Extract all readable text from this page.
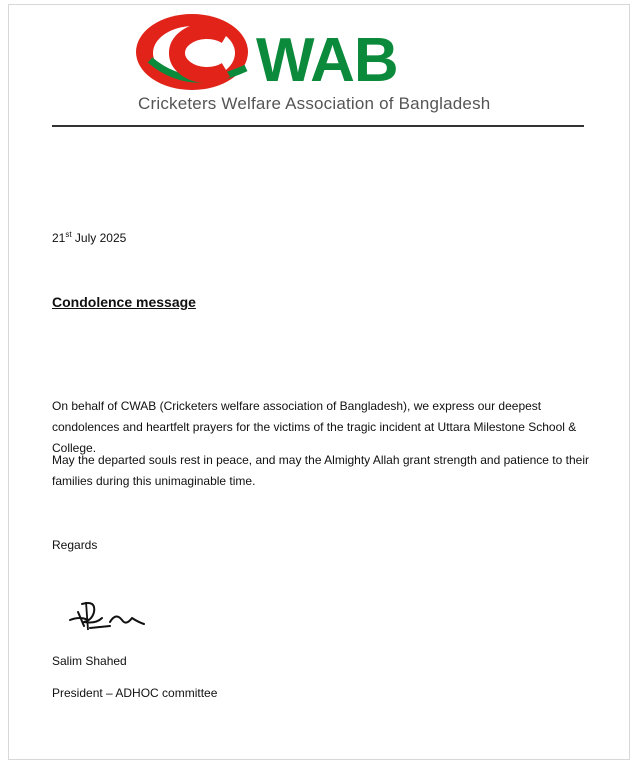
WAB
Cricketers Welfare Association of Bangladesh
21st July 2025
Condolence message

On behalf of CWAB (Cricketers welfare association of Bangladesh), we express our deepest condolences and heartfelt prayers for the victims of the tragic incident at Uttara Milestone School & College.

May the departed souls rest in peace, and may the Almighty Allah grant strength and patience to their families during this unimaginable time.

Regards
Salim Shahed
President – ADHOC committee
